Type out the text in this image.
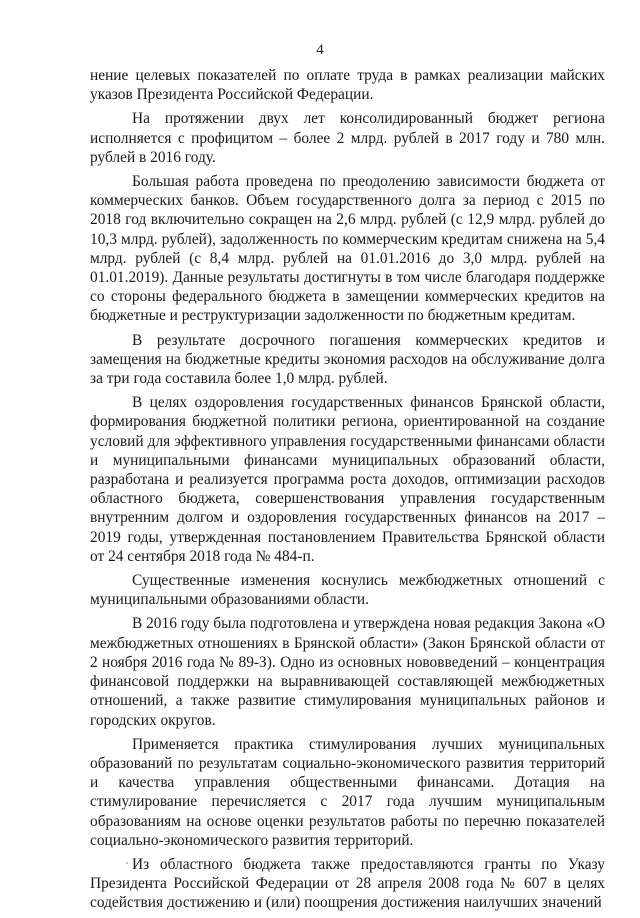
4

нение целевых показателей по оплате труда в рамках реализации майских указов Президента Российской Федерации.

На протяжении двух лет консолидированный бюджет региона исполняется с профицитом – более 2 млрд. рублей в 2017 году и 780 млн. рублей в 2016 году.

Большая работа проведена по преодолению зависимости бюджета от коммерческих банков. Объем государственного долга за период с 2015 по 2018 год включительно сокращен на 2,6 млрд. рублей (с 12,9 млрд. рублей до 10,3 млрд. рублей), задолженность по коммерческим кредитам снижена на 5,4 млрд. рублей (с 8,4 млрд. рублей на 01.01.2016 до 3,0 млрд. рублей на 01.01.2019). Данные результаты достигнуты в том числе благодаря поддержке со стороны федерального бюджета в замещении коммерческих кредитов на бюджетные и реструктуризации задолженности по бюджетным кредитам.

В результате досрочного погашения коммерческих кредитов и замещения на бюджетные кредиты экономия расходов на обслуживание долга за три года составила более 1,0 млрд. рублей.

В целях оздоровления государственных финансов Брянской области, формирования бюджетной политики региона, ориентированной на создание условий для эффективного управления государственными финансами области и муниципальными финансами муниципальных образований области, разработана и реализуется программа роста доходов, оптимизации расходов областного бюджета, совершенствования управления государственным внутренним долгом и оздоровления государственных финансов на 2017 – 2019 годы, утвержденная постановлением Правительства Брянской области от 24 сентября 2018 года № 484-п.

Существенные изменения коснулись межбюджетных отношений с муниципальными образованиями области.

В 2016 году была подготовлена и утверждена новая редакция Закона «О межбюджетных отношениях в Брянской области» (Закон Брянской области от 2 ноября 2016 года № 89-З). Одно из основных нововведений – концентрация финансовой поддержки на выравнивающей составляющей межбюджетных отношений, а также развитие стимулирования муниципальных районов и городских округов.

Применяется практика стимулирования лучших муниципальных образований по результатам социально-экономического развития территорий и качества управления общественными финансами. Дотация на стимулирование перечисляется с 2017 года лучшим муниципальным образованиям на основе оценки результатов работы по перечню показателей социально-экономического развития территорий.

Из областного бюджета также предоставляются гранты по Указу Президента Российской Федерации от 28 апреля 2008 года № 607 в целях содействия достижению и (или) поощрения достижения наилучших значений
